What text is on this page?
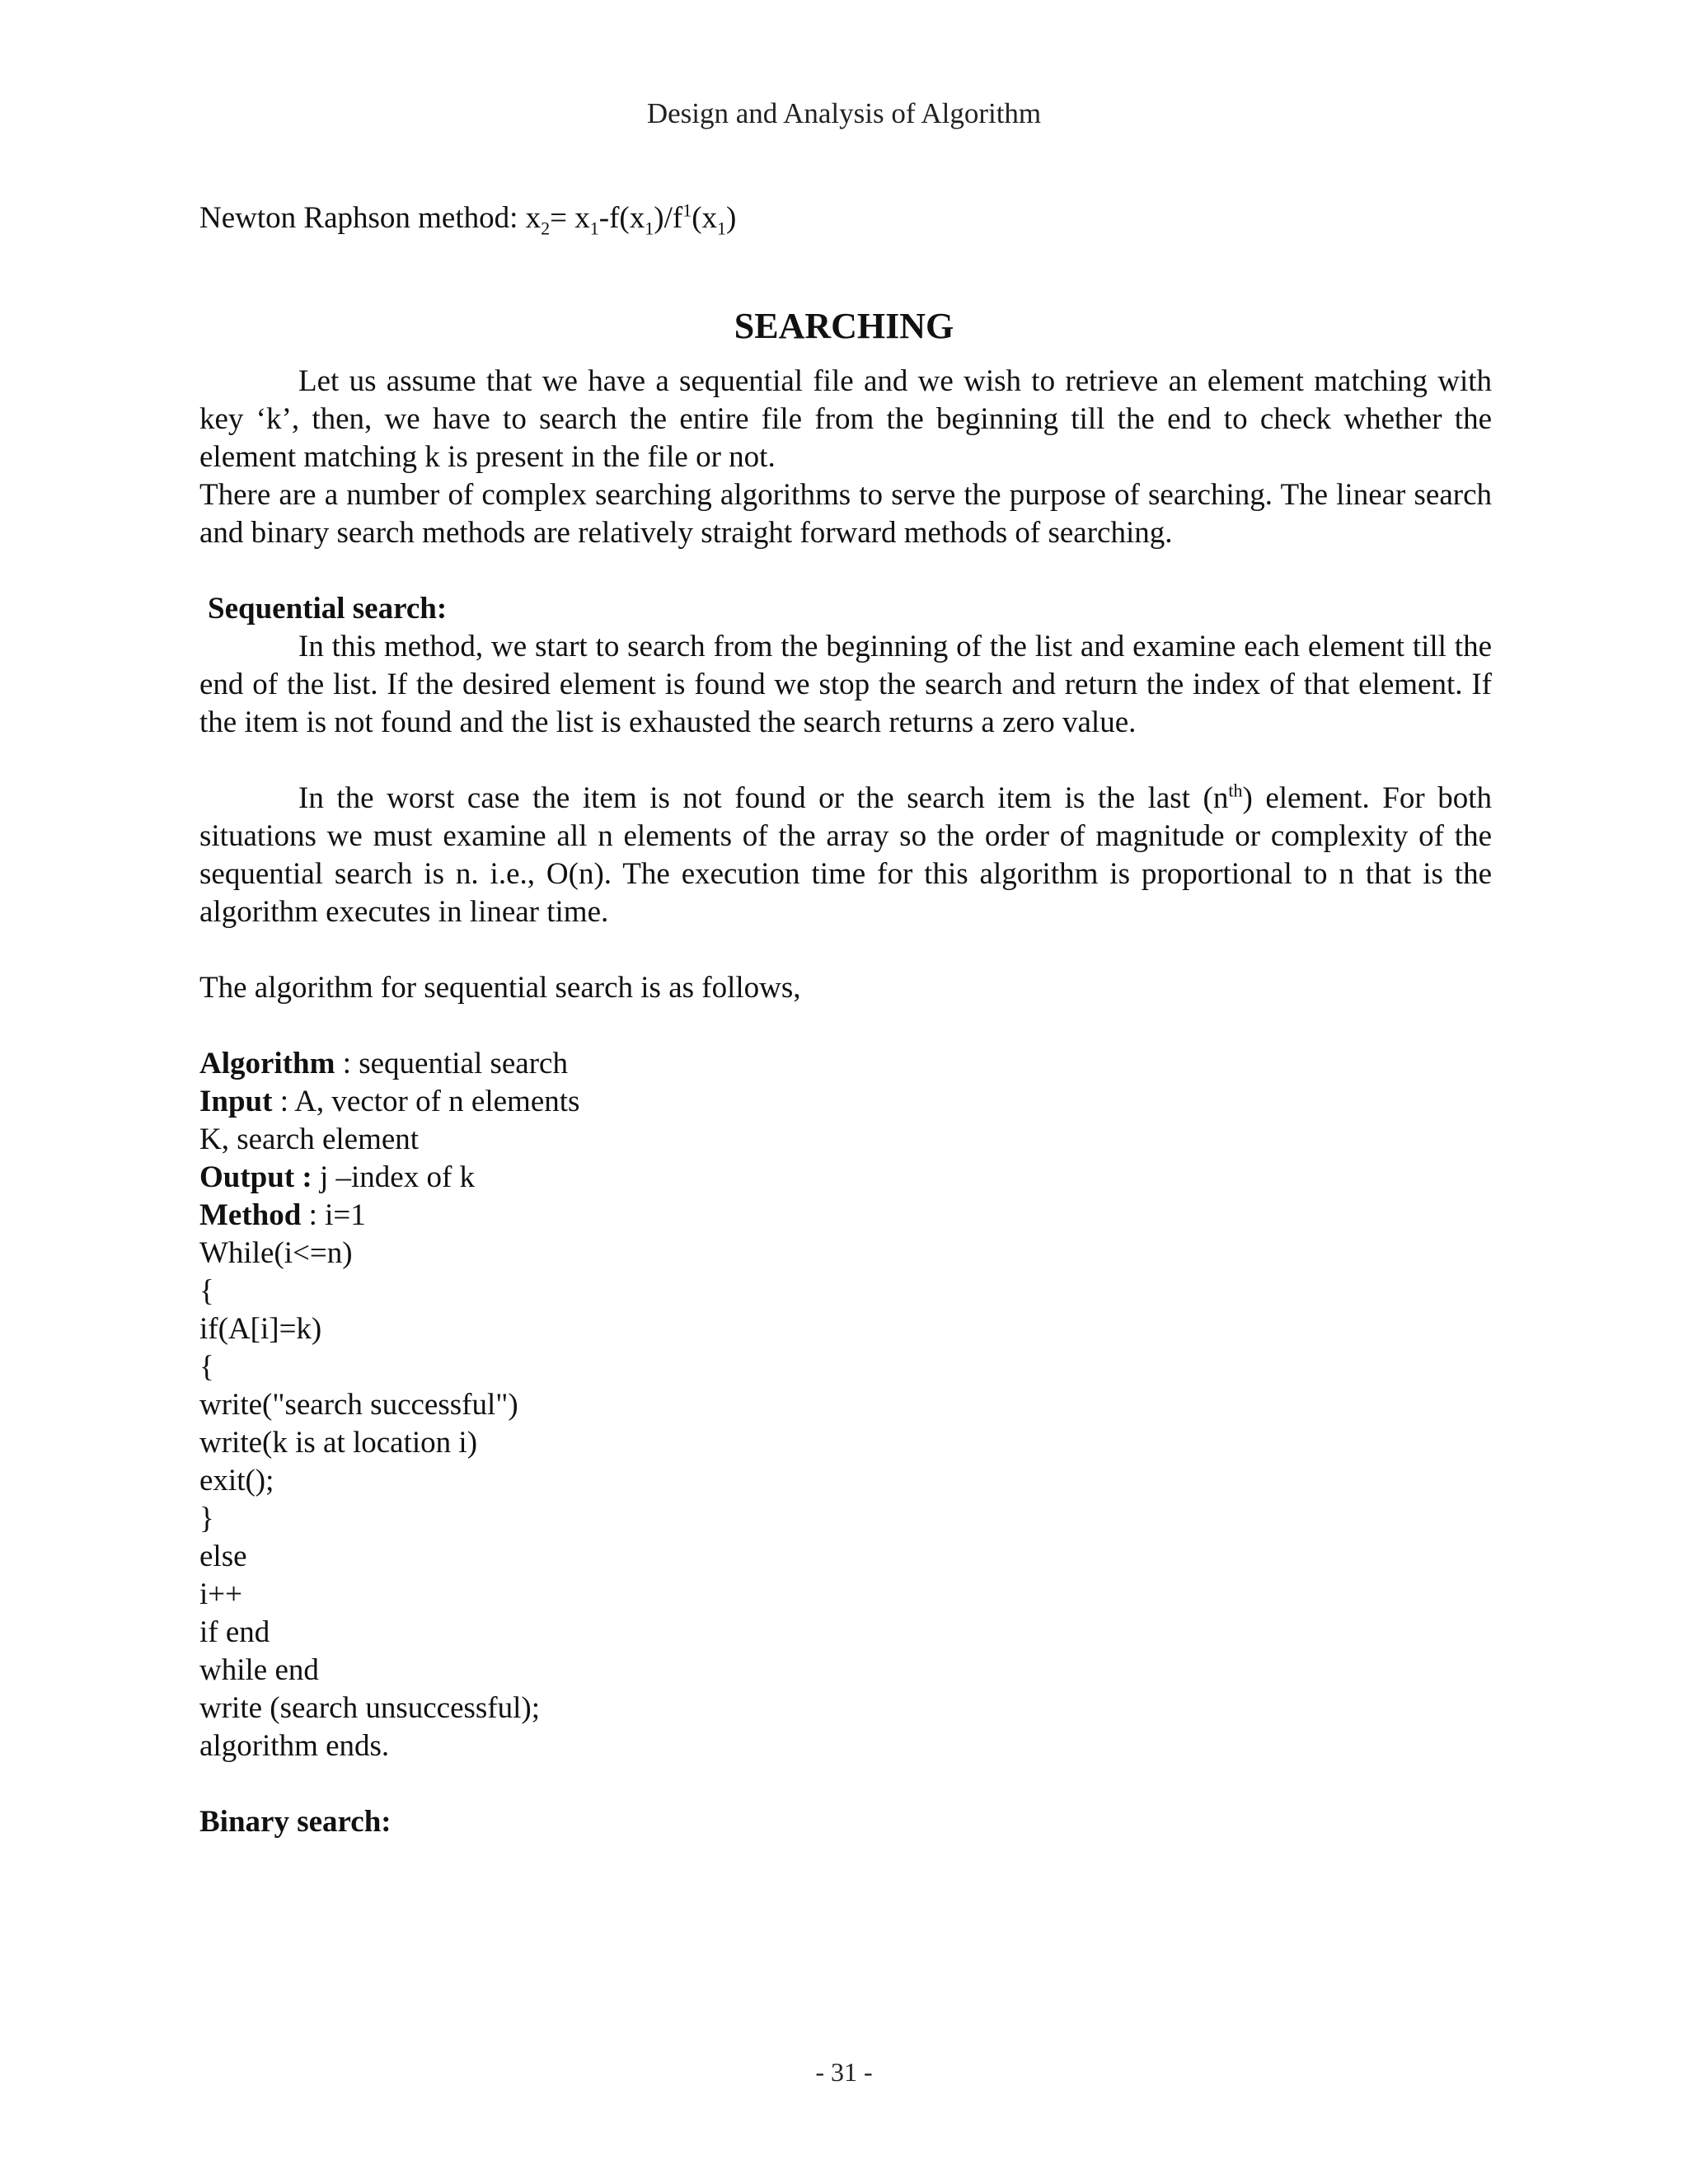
Design and Analysis of Algorithm
Newton Raphson method: $x_2= x_1-f(x_1)/f^1(x_1)$
SEARCHING

Let us assume that we have a sequential file and we wish to retrieve an element matching with key ‘k’, then, we have to search the entire file from the beginning till the end to check whether the element matching k is present in the file or not.

There are a number of complex searching algorithms to serve the purpose of searching. The linear search and binary search methods are relatively straight forward methods of searching.

Sequential search:

In this method, we start to search from the beginning of the list and examine each element till the end of the list. If the desired element is found we stop the search and return the index of that element. If the item is not found and the list is exhausted the search returns a zero value.

In the worst case the item is not found or the search item is the last $(n^{th})$ element. For both situations we must examine all n elements of the array so the order of magnitude or complexity of the sequential search is n. i.e., O(n). The execution time for this algorithm is proportional to n that is the algorithm executes in linear time.

The algorithm for sequential search is as follows,

Algorithm : sequential search
Input : A, vector of n elements
K, search element
Output : j –index of k
Method : i=1
While(i<=n)
{
if(A[i]=k)
{
write("search successful")
write(k is at location i)
exit();
}
else
i++
if end
while end
write (search unsuccessful);
algorithm ends.
Binary search:
- 31 -
